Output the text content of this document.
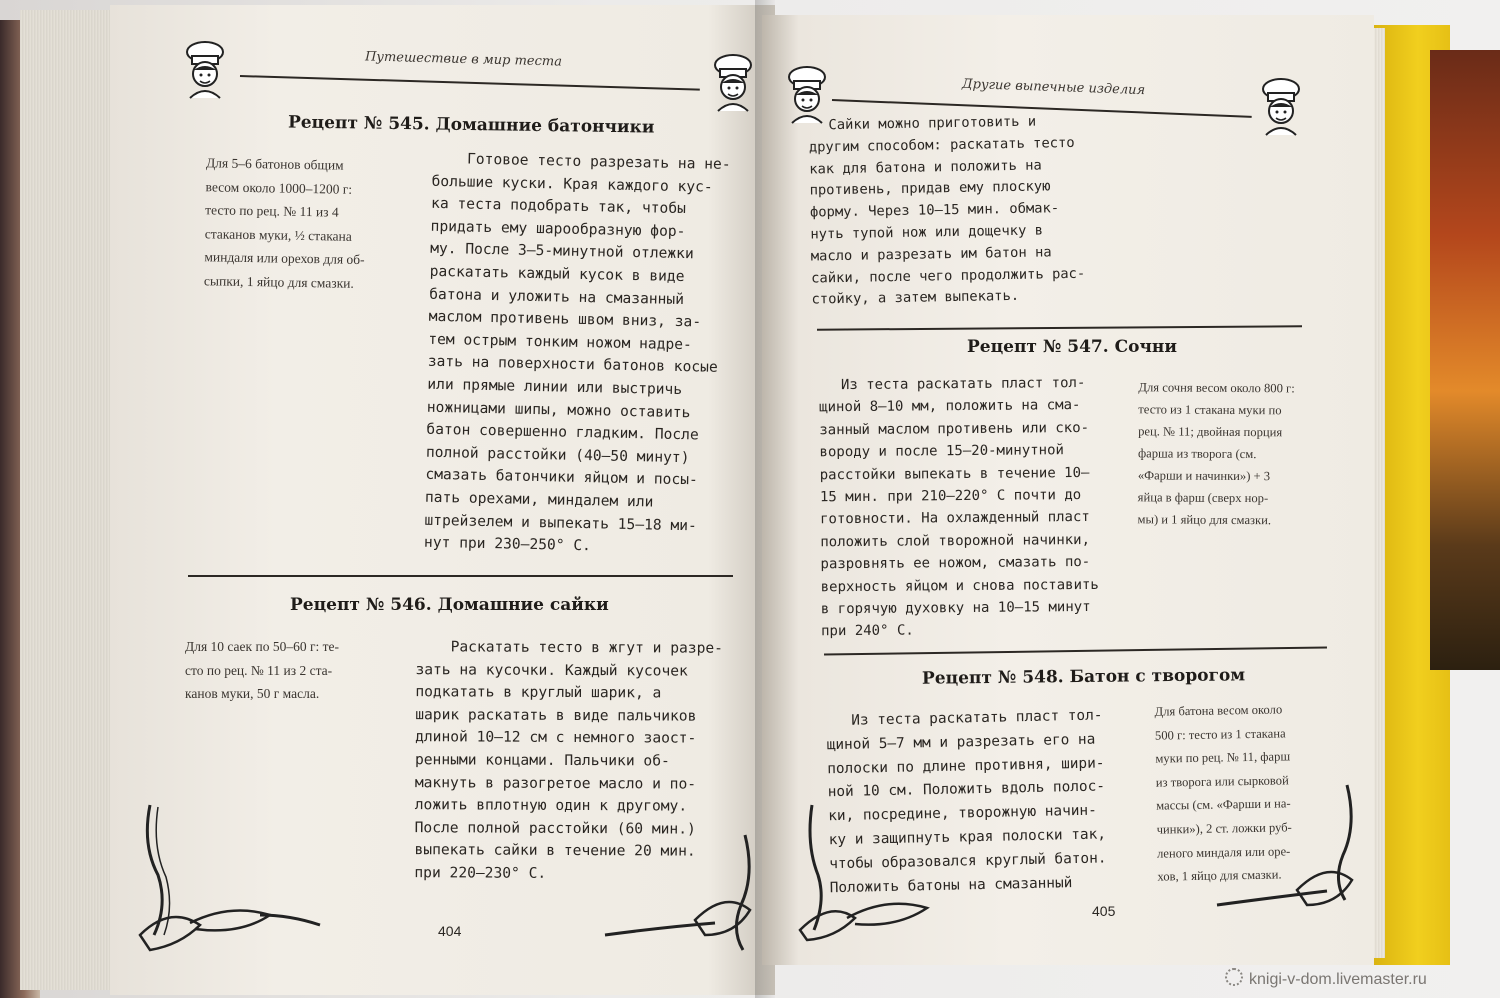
Путешествие в мир теста
Рецепт № 545. Домашние батончики
Для 5–6 батонов общим
весом около 1000–1200 г:
тесто по рец. № 11 из 4
стаканов муки, ½ стакана
миндаля или орехов для об-
сыпки, 1 яйцо для смазки.
Готовое тесто разрезать на не-
большие куски. Края каждого кус-
ка теста подобрать так, чтобы
придать ему шарообразную фор-
му. После 3–5-минутной отлежки
раскатать каждый кусок в виде
батона и уложить на смазанный
маслом противень швом вниз, за-
тем острым тонким ножом надре-
зать на поверхности батонов косые
или прямые линии или выстричь
ножницами шипы, можно оставить
батон совершенно гладким. После
полной расстойки (40–50 минут)
смазать батончики яйцом и посы-
пать орехами, миндалем или
штрейзелем и выпекать 15–18 ми-
нут при 230–250° С.
Рецепт № 546. Домашние сайки
Для 10 саек по 50–60 г: те-
сто по рец. № 11 из 2 ста-
канов муки, 50 г масла.
Раскатать тесто в жгут и разре-
зать на кусочки. Каждый кусочек
подкатать в круглый шарик, а
шарик раскатать в виде пальчиков
длиной 10–12 см с немного заост-
ренными концами. Пальчики об-
макнуть в разогретое масло и по-
ложить вплотную один к другому.
После полной расстойки (60 мин.)
выпекать сайки в течение 20 мин.
при 220–230° С.
404
Другие выпечные изделия
Сайки можно приготовить и
другим способом: раскатать тесто
как для батона и положить на
противень, придав ему плоскую
форму. Через 10–15 мин. обмак-
нуть тупой нож или дощечку в
масло и разрезать им батон на
сайки, после чего продолжить рас-
стойку, а затем выпекать.
Рецепт № 547. Сочни
Из теста раскатать пласт тол-
щиной 8–10 мм, положить на сма-
занный маслом противень или ско-
вороду и после 15–20-минутной
расстойки выпекать в течение 10–
15 мин. при 210–220° С почти до
готовности. На охлажденный пласт
положить слой творожной начинки,
разровнять ее ножом, смазать по-
верхность яйцом и снова поставить
в горячую духовку на 10–15 минут
при 240° С.
Для сочня весом около 800 г:
тесто из 1 стакана муки по
рец. № 11; двойная порция
фарша из творога (см.
«Фарши и начинки») + 3
яйца в фарш (сверх нор-
мы) и 1 яйцо для смазки.
Рецепт № 548. Батон с творогом
Из теста раскатать пласт тол-
щиной 5–7 мм и разрезать его на
полоски по длине противня, шири-
ной 10 см. Положить вдоль полос-
ки, посредине, творожную начин-
ку и защипнуть края полоски так,
чтобы образовался круглый батон.
Положить батоны на смазанный
Для батона весом около
500 г: тесто из 1 стакана
муки по рец. № 11, фарш
из творога или сырковой
массы (см. «Фарши и на-
чинки»), 2 ст. ложки руб-
леного миндаля или оре-
хов, 1 яйцо для смазки.
405
knigi-v-dom.livemaster.ru
